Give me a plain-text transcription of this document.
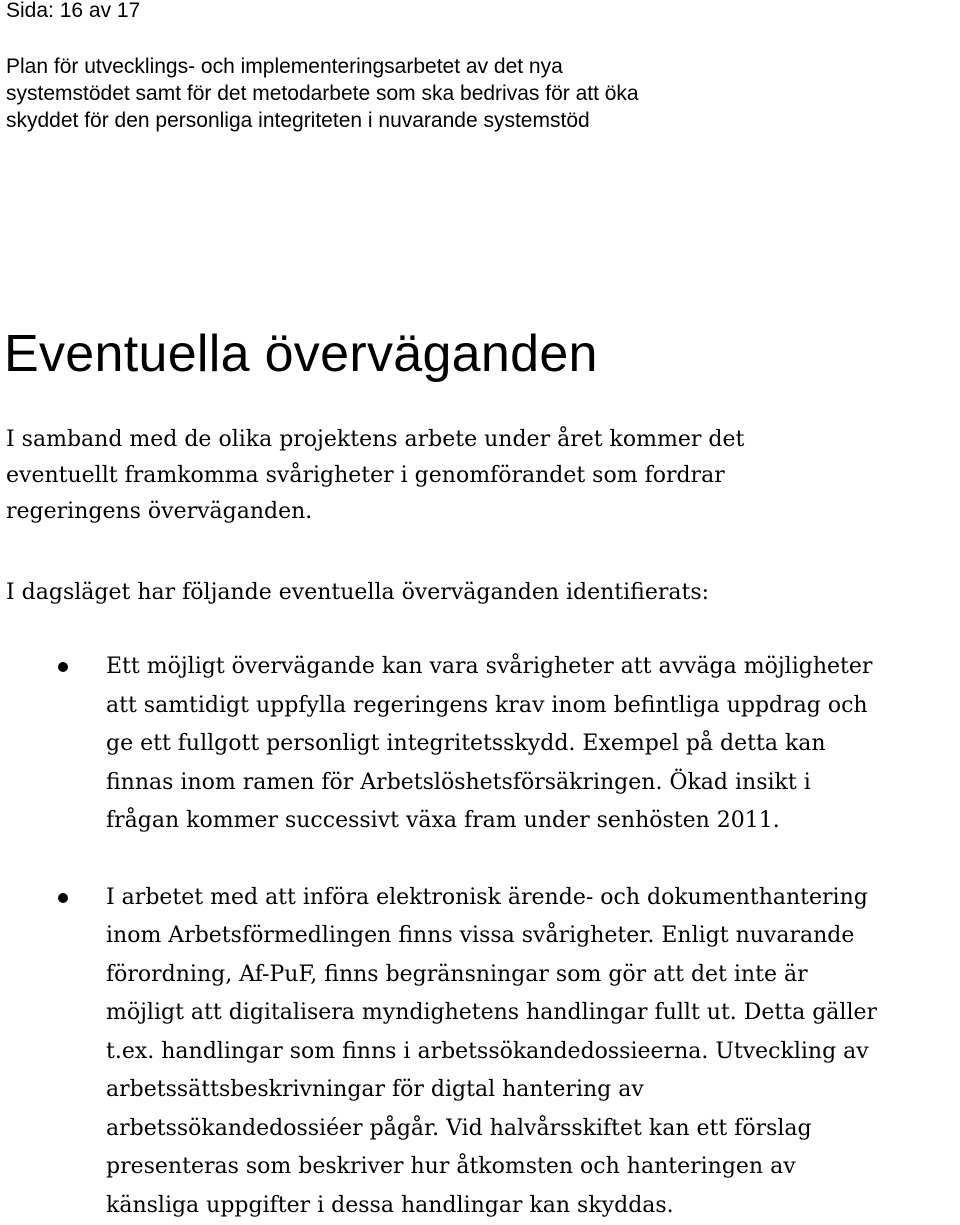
Sida: 16 av 17

Plan för utvecklings- och implementeringsarbetet av det nya
systemstödet samt för det metodarbete som ska bedrivas för att öka
skyddet för den personliga integriteten i nuvarande systemstöd
Eventuella överväganden
I samband med de olika projektens arbete under året kommer det
eventuellt framkomma svårigheter i genomförandet som fordrar
regeringens överväganden.

I dagsläget har följande eventuella överväganden identifierats:

Ett möjligt övervägande kan vara svårigheter att avväga möjligheter
att samtidigt uppfylla regeringens krav inom befintliga uppdrag och
ge ett fullgott personligt integritetsskydd. Exempel på detta kan
finnas inom ramen för Arbetslöshetsförsäkringen. Ökad insikt i
frågan kommer successivt växa fram under senhösten 2011.
I arbetet med att införa elektronisk ärende- och dokumenthantering
inom Arbetsförmedlingen finns vissa svårigheter. Enligt nuvarande
förordning, Af-PuF, finns begränsningar som gör att det inte är
möjligt att digitalisera myndighetens handlingar fullt ut. Detta gäller
t.ex. handlingar som finns i arbetssökandedossieerna. Utveckling av
arbetssättsbeskrivningar för digtal hantering av
arbetssökandedossiéer pågår. Vid halvårsskiftet kan ett förslag
presenteras som beskriver hur åtkomsten och hanteringen av
känsliga uppgifter i dessa handlingar kan skyddas.
